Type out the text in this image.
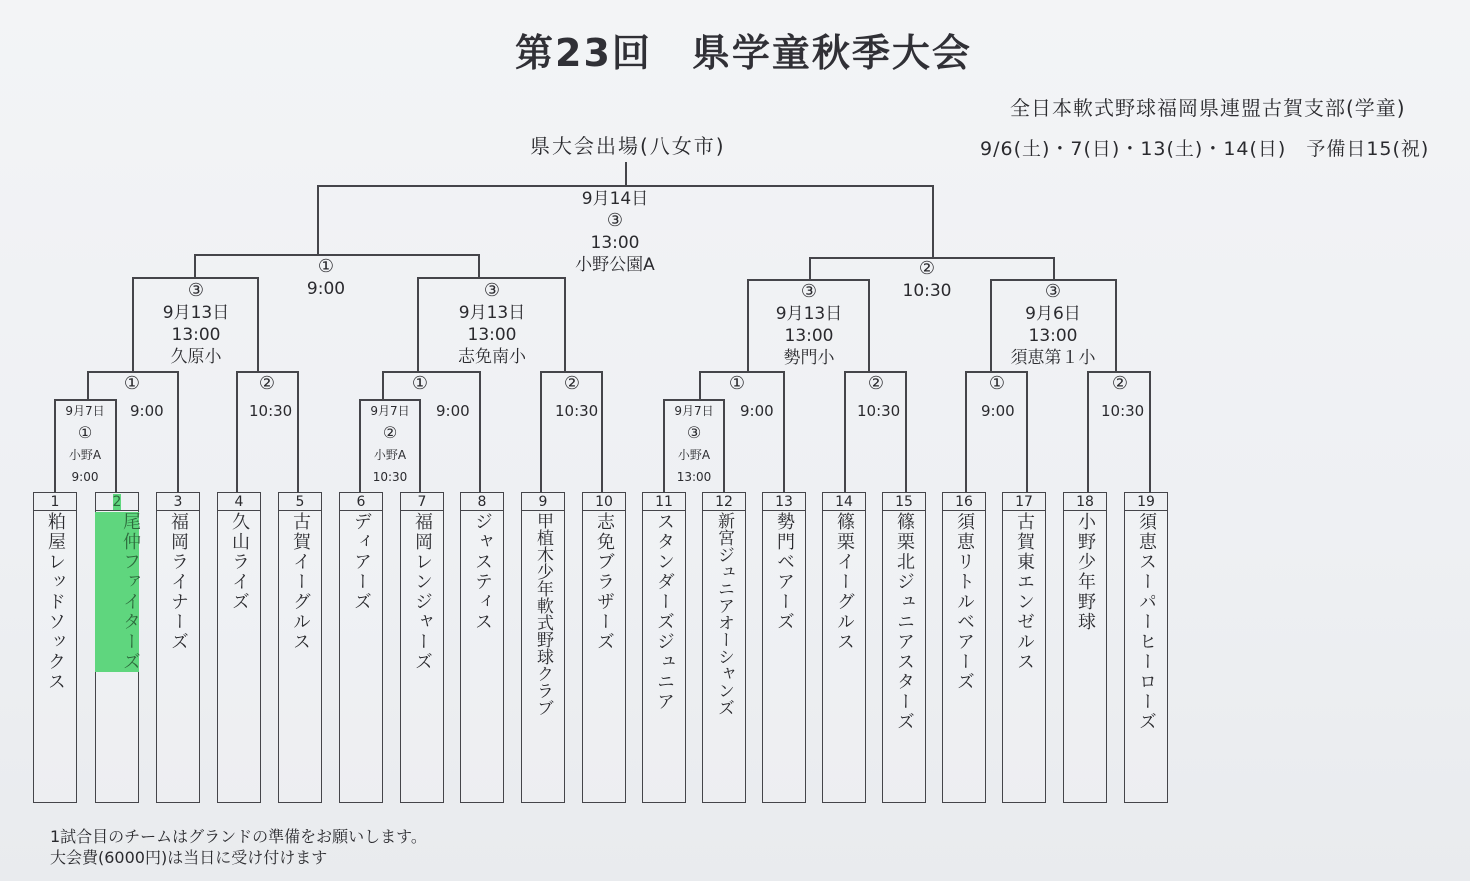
第23回　県学童秋季大会
全日本軟式野球福岡県連盟古賀支部(学童)
9/6(土)・7(日)・13(土)・14(日)　予備日15(祝)
県大会出場(八女市)
9月14日
③
13:00
小野公園A
①
9:00
②
10:30
③
9月13日
13:00
久原小
③
9月13日
13:00
志免南小
③
9月13日
13:00
勢門小
③
9月6日
13:00
須恵第１小
①
9:00
②
10:30
①
9:00
②
10:30
①
9:00
②
10:30
①
9:00
②
10:30
9月7日
①
小野A
9:00
9月7日
②
小野A
10:30
9月7日
③
小野A
13:00
1
粕屋レッドソックス
2
尾仲ファイターズ
3
福岡ライナーズ
4
久山ライズ
5
古賀イーグルス
6
ディアーズ
7
福岡レンジャーズ
8
ジャスティス
9
甲植木少年軟式野球クラブ
10
志免ブラザーズ
11
スタンダーズジュニア
12
新宮ジュニアオーシャンズ
13
勢門ベアーズ
14
篠栗イーグルス
15
篠栗北ジュニアスターズ
16
須恵リトルベアーズ
17
古賀東エンゼルス
18
小野少年野球
19
須恵スーパーヒーローズ
1試合目のチームはグランドの準備をお願いします。
大会費(6000円)は当日に受け付けます
